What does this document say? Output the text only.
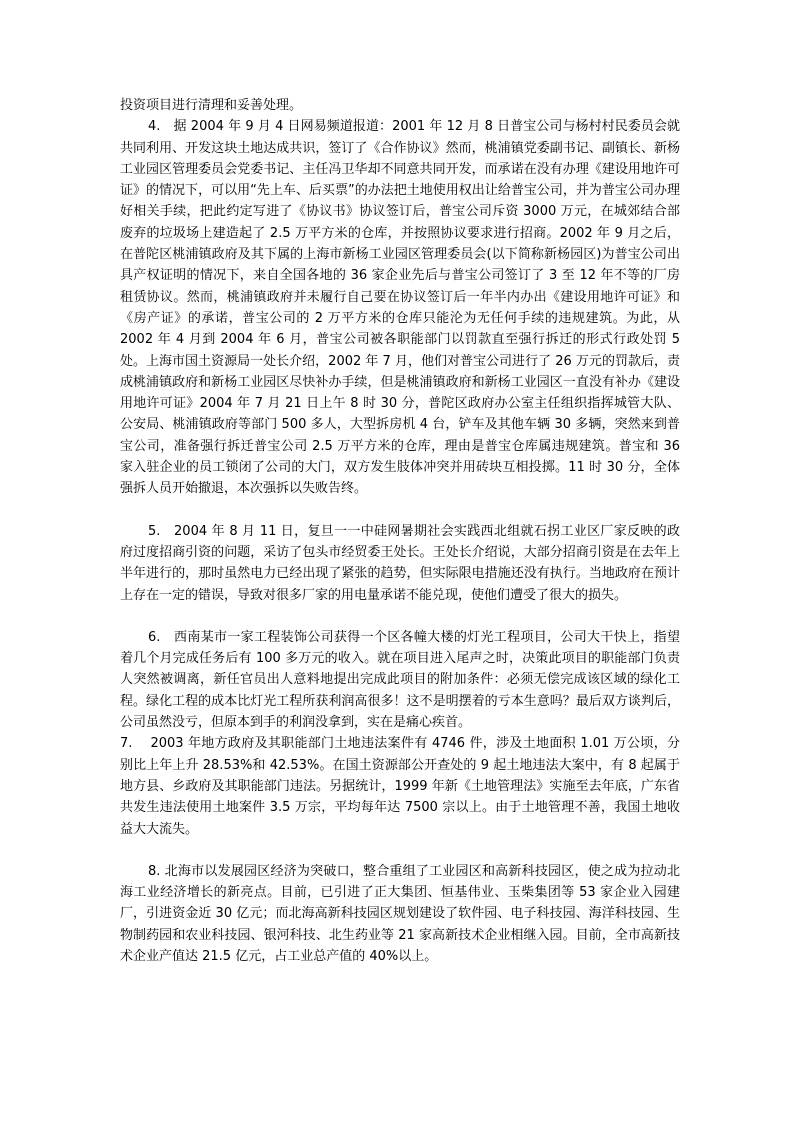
投资项目进行清理和妥善处理。

4.　据 2004 年 9 月 4 日网易频道报道：2001 年 12 月 8 日普宝公司与杨村村民委员会就共同利用、开发这块土地达成共识，签订了《合作协议》然而，桃浦镇党委副书记、副镇长、新杨工业园区管理委员会党委书记、主任冯卫华却不同意共同开发，而承诺在没有办理《建设用地许可证》的情况下，可以用“先上车、后买票”的办法把土地使用权出让给普宝公司，并为普宝公司办理好相关手续，把此约定写进了《协议书》协议签订后，普宝公司斥资 3000 万元，在城郊结合部废弃的垃圾场上建造起了 2.5 万平方米的仓库，并按照协议要求进行招商。2002 年 9 月之后，在普陀区桃浦镇政府及其下属的上海市新杨工业园区管理委员会(以下简称新杨园区)为普宝公司出具产权证明的情况下，来自全国各地的 36 家企业先后与普宝公司签订了 3 至 12 年不等的厂房租赁协议。然而，桃浦镇政府并未履行自己要在协议签订后一年半内办出《建设用地许可证》和《房产证》的承诺，普宝公司的 2 万平方米的仓库只能沦为无任何手续的违规建筑。为此，从 2002 年 4 月到 2004 年 6 月，普宝公司被各职能部门以罚款直至强行拆迁的形式行政处罚 5 处。上海市国土资源局一处长介绍，2002 年 7 月，他们对普宝公司进行了 26 万元的罚款后，责成桃浦镇政府和新杨工业园区尽快补办手续，但是桃浦镇政府和新杨工业园区一直没有补办《建设用地许可证》2004 年 7 月 21 日上午 8 时 30 分，普陀区政府办公室主任组织指挥城管大队、公安局、桃浦镇政府等部门 500 多人，大型拆房机 4 台，铲车及其他车辆 30 多辆，突然来到普宝公司，准备强行拆迁普宝公司 2.5 万平方米的仓库，理由是普宝仓库属违规建筑。普宝和 36 家入驻企业的员工锁闭了公司的大门，双方发生肢体冲突并用砖块互相投掷。11 时 30 分，全体强拆人员开始撤退，本次强拆以失败告终。

5.　2004 年 8 月 11 日，复旦一一中硅网暑期社会实践西北组就石拐工业区厂家反映的政府过度招商引资的问题，采访了包头市经贸委王处长。王处长介绍说，大部分招商引资是在去年上半年进行的，那时虽然电力已经出现了紧张的趋势，但实际限电措施还没有执行。当地政府在预计上存在一定的错误，导致对很多厂家的用电量承诺不能兑现，使他们遭受了很大的损失。

6.　西南某市一家工程装饰公司获得一个区各幢大楼的灯光工程项目，公司大干快上，指望着几个月完成任务后有 100 多万元的收入。就在项目进入尾声之时，决策此项目的职能部门负责人突然被调离，新任官员出人意料地提出完成此项目的附加条件：必须无偿完成该区域的绿化工程。绿化工程的成本比灯光工程所获利润高很多！这不是明摆着的亏本生意吗？最后双方谈判后，公司虽然没亏，但原本到手的利润没拿到，实在是痛心疾首。

7.　 2003 年地方政府及其职能部门土地违法案件有 4746 件，涉及土地面积 1.01 万公顷，分别比上年上升 28.53%和 42.53%。在国土资源部公开查处的 9 起土地违法大案中，有 8 起属于地方县、乡政府及其职能部门违法。另据统计，1999 年新《土地管理法》实施至去年底，广东省共发生违法使用土地案件 3.5 万宗，平均每年达 7500 宗以上。由于土地管理不善，我国土地收益大大流失。

8. 北海市以发展园区经济为突破口，整合重组了工业园区和高新科技园区，使之成为拉动北海工业经济增长的新亮点。目前，已引进了正大集团、恒基伟业、玉柴集团等 53 家企业入园建厂，引进资金近 30 亿元；而北海高新科技园区规划建设了软件园、电子科技园、海洋科技园、生物制药园和农业科技园、银河科技、北生药业等 21 家高新技术企业相继入园。目前，全市高新技术企业产值达 21.5 亿元，占工业总产值的 40%以上。
